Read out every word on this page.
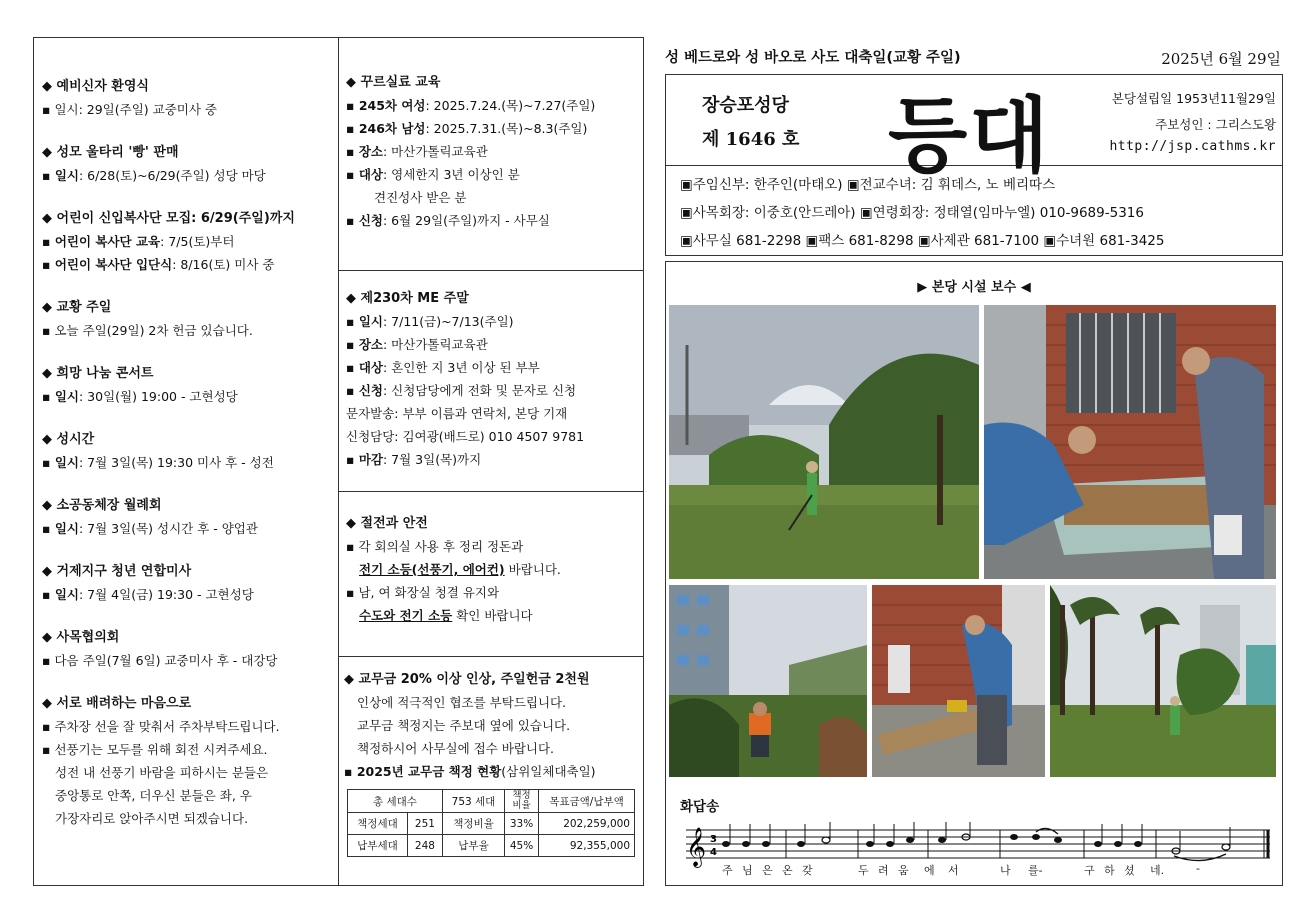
◆ 예비신자 환영식
▪ 일시: 29일(주일) 교중미사 중
◆ 성모 울타리 '빵' 판매
▪ 일시: 6/28(토)~6/29(주일) 성당 마당
◆ 어린이 신입복사단 모집: 6/29(주일)까지
▪ 어린이 복사단 교육: 7/5(토)부터
▪ 어린이 복사단 입단식: 8/16(토) 미사 중
◆ 교황 주일
▪ 오늘 주일(29일) 2차 헌금 있습니다.
◆ 희망 나눔 콘서트
▪ 일시: 30일(월) 19:00 - 고현성당
◆ 성시간
▪ 일시: 7월 3일(목) 19:30 미사 후 - 성전
◆ 소공동체장 월례회
▪ 일시: 7월 3일(목) 성시간 후 - 양업관
◆ 거제지구 청년 연합미사
▪ 일시: 7월 4일(금) 19:30 - 고현성당
◆ 사목협의회
▪ 다음 주일(7월 6일) 교중미사 후 - 대강당
◆ 서로 배려하는 마음으로
▪ 주차장 선을 잘 맞춰서 주차부탁드립니다.
▪ 선풍기는 모두를 위해 회전 시켜주세요.
성전 내 선풍기 바람을 피하시는 분들은
중앙통로 안쪽, 더우신 분들은 좌, 우
가장자리로 앉아주시면 되겠습니다.
◆ 꾸르실료 교육
▪ 245차 여성: 2025.7.24.(목)~7.27(주일)
▪ 246차 남성: 2025.7.31.(목)~8.3(주일)
▪ 장소: 마산가톨릭교육관
▪ 대상: 영세한지 3년 이상인 분
견진성사 받은 분
▪ 신청: 6월 29일(주일)까지 - 사무실
◆ 제230차 ME 주말
▪ 일시: 7/11(금)~7/13(주일)
▪ 장소: 마산가톨릭교육관
▪ 대상: 혼인한 지 3년 이상 된 부부
▪ 신청: 신청담당에게 전화 및 문자로 신청
문자발송: 부부 이름과 연락처, 본당 기재
신청담당: 김여광(배드로) 010 4507 9781
▪ 마감: 7월 3일(목)까지
◆ 절전과 안전
▪ 각 회의실 사용 후 정리 정돈과
전기 소등(선풍기, 에어컨) 바랍니다.
▪ 남, 여 화장실 청결 유지와
수도와 전기 소등 확인 바랍니다
◆ 교무금 20% 이상 인상, 주일헌금 2천원
인상에 적극적인 협조를 부탁드립니다.
교무금 책정지는 주보대 옆에 있습니다.
책정하시어 사무실에 접수 바랍니다.
▪ 2025년 교무금 책정 현황(삼위일체대축일)
총 세대수		753 세대	책정 비율	목표금액/납부액
책정세대	251	책정비율	33%	202,259,000
납부세대	248	납부율	45%	92,355,000
성 베드로와 성 바오로 사도 대축일(교황 주일)	2025년 6월 29일
장승포성당
제 1646 호 등대	본당설립일 1953년11월29일
주보성인 : 그리스도왕
http://jsp.cathms.kr
▣주임신부: 한주인(마태오) ▣전교수녀: 김 휘데스, 노 베리따스
▣사목회장: 이중호(안드레아) ▣연령회장: 정태열(임마누엘) 010-9689-5316
▣사무실 681-2298 ▣팩스 681-8298 ▣사제관 681-7100 ▣수녀원 681-3425
▶ 본당 시설 보수 ◀
화답송
𝄞 3
4
주 님 은 온 갖	두 려 움 에 서	나 를-	구 하 셨 네.	-
